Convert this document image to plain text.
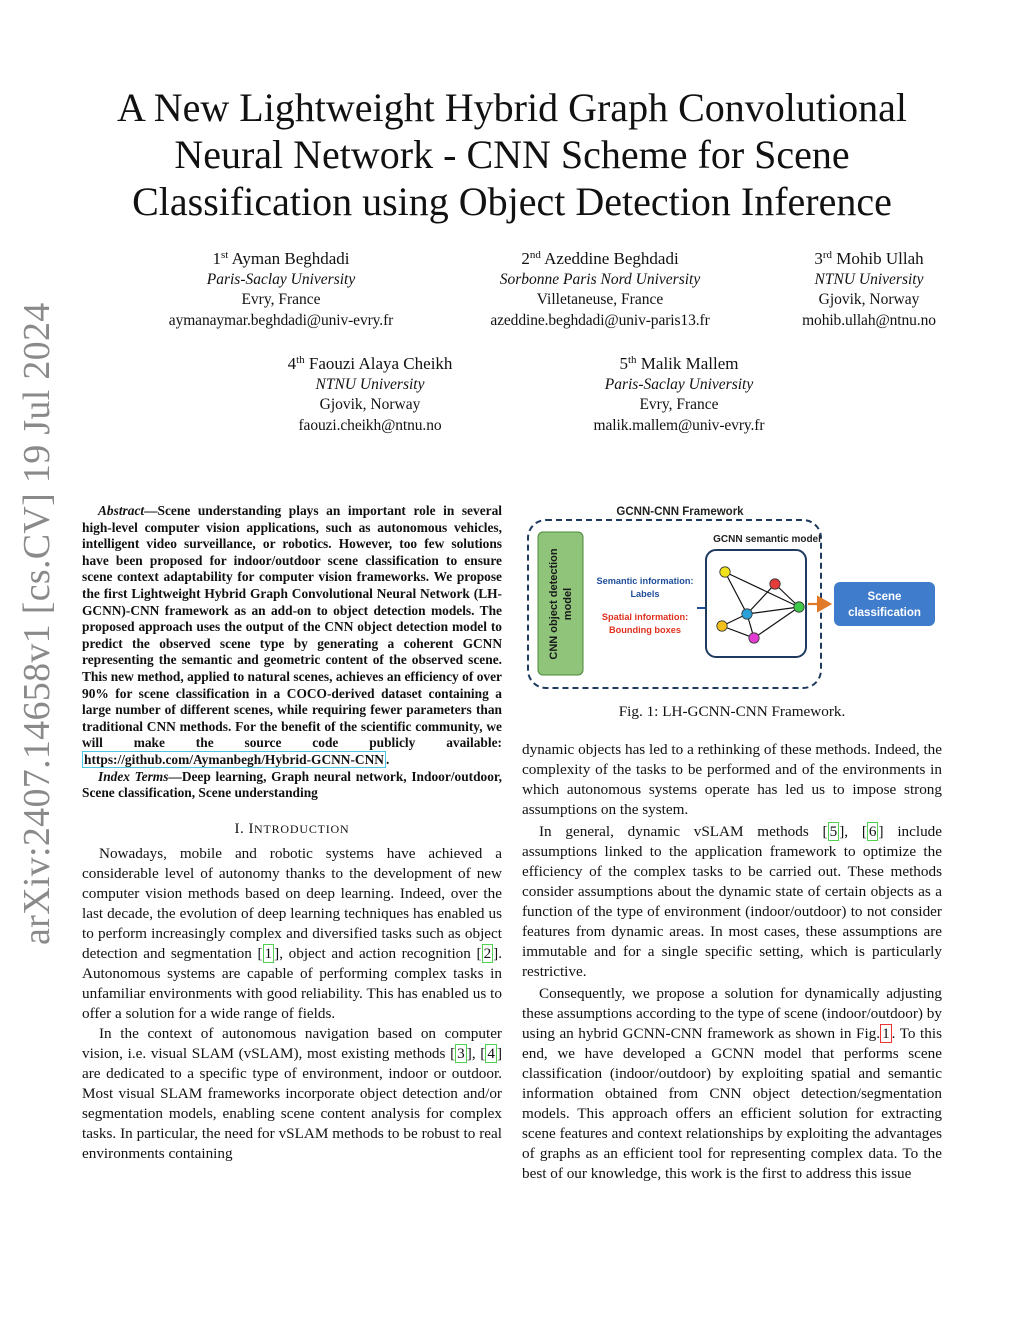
arXiv:2407.14658v1 [cs.CV] 19 Jul 2024
A New Lightweight Hybrid Graph Convolutional Neural Network - CNN Scheme for Scene Classification using Object Detection Inference
1st Ayman Beghdadi
Paris-Saclay University
Evry, France
aymanaymar.beghdadi@univ-evry.fr
2nd Azeddine Beghdadi
Sorbonne Paris Nord University
Villetaneuse, France
azeddine.beghdadi@univ-paris13.fr
3rd Mohib Ullah
NTNU University
Gjovik, Norway
mohib.ullah@ntnu.no
4th Faouzi Alaya Cheikh
NTNU University
Gjovik, Norway
faouzi.cheikh@ntnu.no
5th Malik Mallem
Paris-Saclay University
Evry, France
malik.mallem@univ-evry.fr

Abstract—Scene understanding plays an important role in several high-level computer vision applications, such as autonomous vehicles, intelligent video surveillance, or robotics. However, too few solutions have been proposed for indoor/outdoor scene classification to ensure scene context adaptability for computer vision frameworks. We propose the first Lightweight Hybrid Graph Convolutional Neural Network (LH-GCNN)-CNN framework as an add-on to object detection models. The proposed approach uses the output of the CNN object detection model to predict the observed scene type by generating a coherent GCNN representing the semantic and geometric content of the observed scene. This new method, applied to natural scenes, achieves an efficiency of over 90% for scene classification in a COCO-derived dataset containing a large number of different scenes, while requiring fewer parameters than traditional CNN methods. For the benefit of the scientific community, we will make the source code publicly available: https://github.com/Aymanbegh/Hybrid-GCNN-CNN .

Index Terms—Deep learning, Graph neural network, Indoor/outdoor, Scene classification, Scene understanding

I. INTRODUCTION

Nowadays, mobile and robotic systems have achieved a considerable level of autonomy thanks to the development of new computer vision methods based on deep learning. Indeed, over the last decade, the evolution of deep learning techniques has enabled us to perform increasingly complex and diversified tasks such as object detection and segmentation [ 1 ], object and action recognition [ 2 ]. Autonomous systems are capable of performing complex tasks in unfamiliar environments with good reliability. This has enabled us to offer a solution for a wide range of fields.

In the context of autonomous navigation based on computer vision, i.e. visual SLAM (vSLAM), most existing methods [ 3 ], [ 4 ] are dedicated to a specific type of environment, indoor or outdoor. Most visual SLAM frameworks incorporate object detection and/or segmentation models, enabling scene content analysis for complex tasks. In particular, the need for vSLAM methods to be robust to real environments containing

GCNN-CNN Framework
CNN object detection model
Semantic information:
Labels
Spatial information:
Bounding boxes
GCNN semantic model
Scene
classification
Fig. 1: LH-GCNN-CNN Framework.

dynamic objects has led to a rethinking of these methods. Indeed, the complexity of the tasks to be performed and of the environments in which autonomous systems operate has led us to impose strong assumptions on the system.

In general, dynamic vSLAM methods [ 5 ], [ 6 ] include assumptions linked to the application framework to optimize the efficiency of the complex tasks to be carried out. These methods consider assumptions about the dynamic state of certain objects as a function of the type of environment (indoor/outdoor) to not consider features from dynamic areas. In most cases, these assumptions are immutable and for a single specific setting, which is particularly restrictive.

Consequently, we propose a solution for dynamically adjusting these assumptions according to the type of scene (indoor/outdoor) by using an hybrid GCNN-CNN framework as shown in Fig. 1 . To this end, we have developed a GCNN model that performs scene classification (indoor/outdoor) by exploiting spatial and semantic information obtained from CNN object detection/segmentation models. This approach offers an efficient solution for extracting scene features and context relationships by exploiting the advantages of graphs as an efficient tool for representing complex data. To the best of our knowledge, this work is the first to address this issue
